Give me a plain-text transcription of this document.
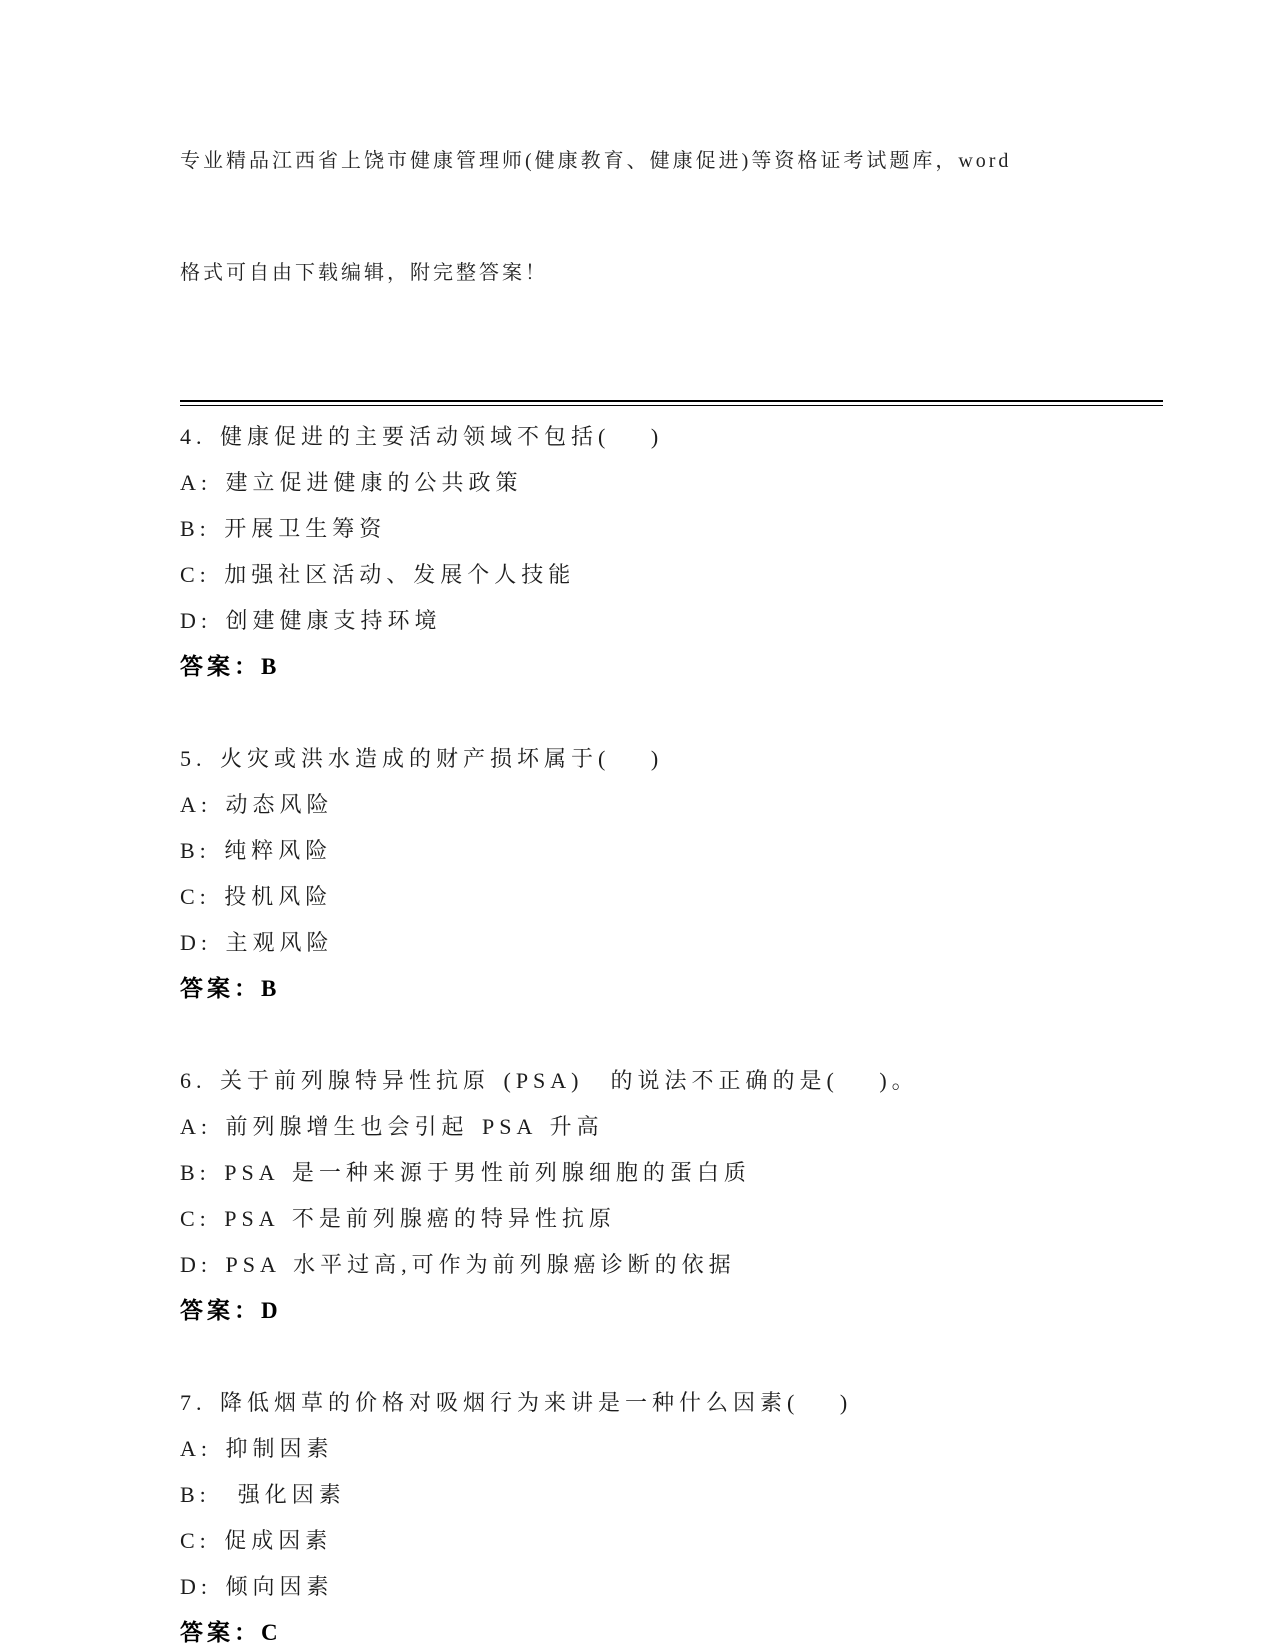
专业精品江西省上饶市健康管理师(健康教育、健康促进)等资格证考试题库，word

格式可自由下载编辑，附完整答案！

4. 健康促进的主要活动领域不包括(   )
A: 建立促进健康的公共政策
B: 开展卫生筹资
C: 加强社区活动、发展个人技能
D: 创建健康支持环境
答案：B
5. 火灾或洪水造成的财产损坏属于(   )
A: 动态风险
B: 纯粹风险
C: 投机风险
D: 主观风险
答案：B
6. 关于前列腺特异性抗原 (PSA)  的说法不正确的是(   )。
A: 前列腺增生也会引起 PSA 升高
B: PSA 是一种来源于男性前列腺细胞的蛋白质
C: PSA 不是前列腺癌的特异性抗原
D: PSA 水平过高,可作为前列腺癌诊断的依据
答案：D
7. 降低烟草的价格对吸烟行为来讲是一种什么因素(   )
A: 抑制因素
B:  强化因素
C: 促成因素
D: 倾向因素
答案：C
